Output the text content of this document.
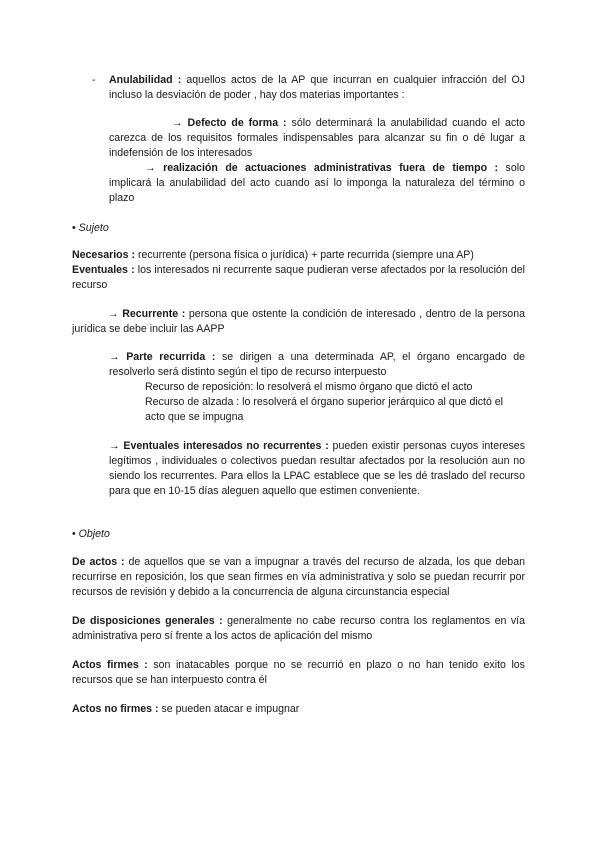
- Anulabilidad : aquellos actos de la AP que incurran en cualquier infracción del OJ incluso la desviación de poder , hay dos materias importantes :

→ Defecto de forma : sólo determinará la anulabilidad cuando el acto carezca de los requisitos formales indispensables para alcanzar su fin o dé lugar a indefensión de los interesados

→ realización de actuaciones administrativas fuera de tiempo : solo implicará la anulabilidad del acto cuando así lo imponga la naturaleza del término o plazo

• Sujeto

Necesarios : recurrente (persona física o jurídica) + parte recurrida (siempre una AP)

Eventuales : los interesados ni recurrente saque pudieran verse afectados por la resolución del recurso

→ Recurrente : persona que ostente la condición de interesado , dentro de la persona jurídica se debe incluir las AAPP

→ Parte recurrida : se dirigen a una determinada AP, el órgano encargado de resolverlo será distinto según el tipo de recurso interpuesto

Recurso de reposición: lo resolverá el mismo órgano que dictó el acto

Recurso de alzada : lo resolverá el órgano superior jerárquico al que dictó el acto que se impugna

→ Eventuales interesados no recurrentes : pueden existir personas cuyos intereses legítimos , individuales o colectivos puedan resultar afectados por la resolución aun no siendo los recurrentes. Para ellos la LPAC establece que se les dé traslado del recurso para que en 10-15 días aleguen aquello que estimen conveniente.

• Objeto

De actos : de aquellos que se van a impugnar a través del recurso de alzada, los que deban recurrirse en reposición, los que sean firmes en vía administrativa y solo se puedan recurrir por recursos de revisión y debido a la concurrencia de alguna circunstancia especial

De disposiciones generales : generalmente no cabe recurso contra los reglamentos en vía administrativa pero sí frente a los actos de aplicación del mismo

Actos firmes : son inatacables porque no se recurrió en plazo o no han tenido exito los recursos que se han interpuesto contra él

Actos no firmes : se pueden atacar e impugnar
